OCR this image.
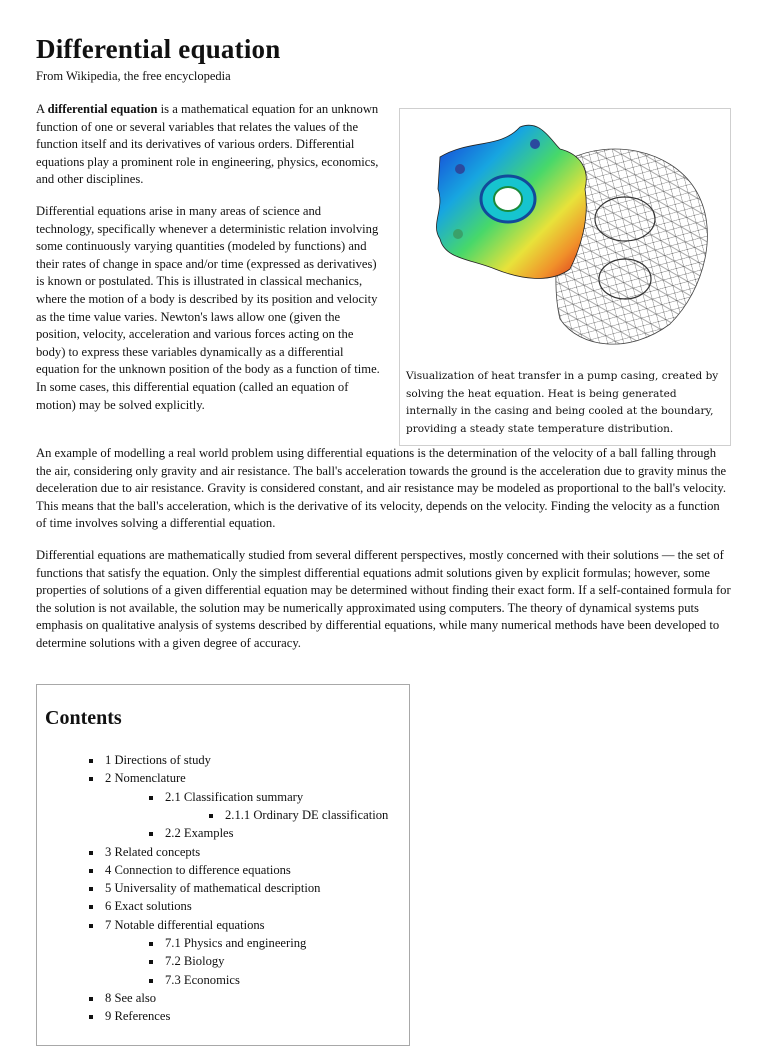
Differential equation
From Wikipedia, the free encyclopedia

A differential equation is a mathematical equation for an unknown function of one or several variables that relates the values of the function itself and its derivatives of various orders. Differential equations play a prominent role in engineering, physics, economics, and other disciplines.

Differential equations arise in many areas of science and technology, specifically whenever a deterministic relation involving some continuously varying quantities (modeled by functions) and their rates of change in space and/or time (expressed as derivatives) is known or postulated. This is illustrated in classical mechanics, where the motion of a body is described by its position and velocity as the time value varies. Newton's laws allow one (given the position, velocity, acceleration and various forces acting on the body) to express these variables dynamically as a differential equation for the unknown position of the body as a function of time. In some cases, this differential equation (called an equation of motion) may be solved explicitly.

Visualization of heat transfer in a pump casing, created by solving the heat equation. Heat is being generated internally in the casing and being cooled at the boundary, providing a steady state temperature distribution.

An example of modelling a real world problem using differential equations is the determination of the velocity of a ball falling through the air, considering only gravity and air resistance. The ball's acceleration towards the ground is the acceleration due to gravity minus the deceleration due to air resistance. Gravity is considered constant, and air resistance may be modeled as proportional to the ball's velocity. This means that the ball's acceleration, which is the derivative of its velocity, depends on the velocity. Finding the velocity as a function of time involves solving a differential equation.

Differential equations are mathematically studied from several different perspectives, mostly concerned with their solutions — the set of functions that satisfy the equation. Only the simplest differential equations admit solutions given by explicit formulas; however, some properties of solutions of a given differential equation may be determined without finding their exact form. If a self-contained formula for the solution is not available, the solution may be numerically approximated using computers. The theory of dynamical systems puts emphasis on qualitative analysis of systems described by differential equations, while many numerical methods have been developed to determine solutions with a given degree of accuracy.

Contents
1 Directions of study
2 Nomenclature
2.1 Classification summary
2.1.1 Ordinary DE classification
2.2 Examples
3 Related concepts
4 Connection to difference equations
5 Universality of mathematical description
6 Exact solutions
7 Notable differential equations
7.1 Physics and engineering
7.2 Biology
7.3 Economics
8 See also
9 References
